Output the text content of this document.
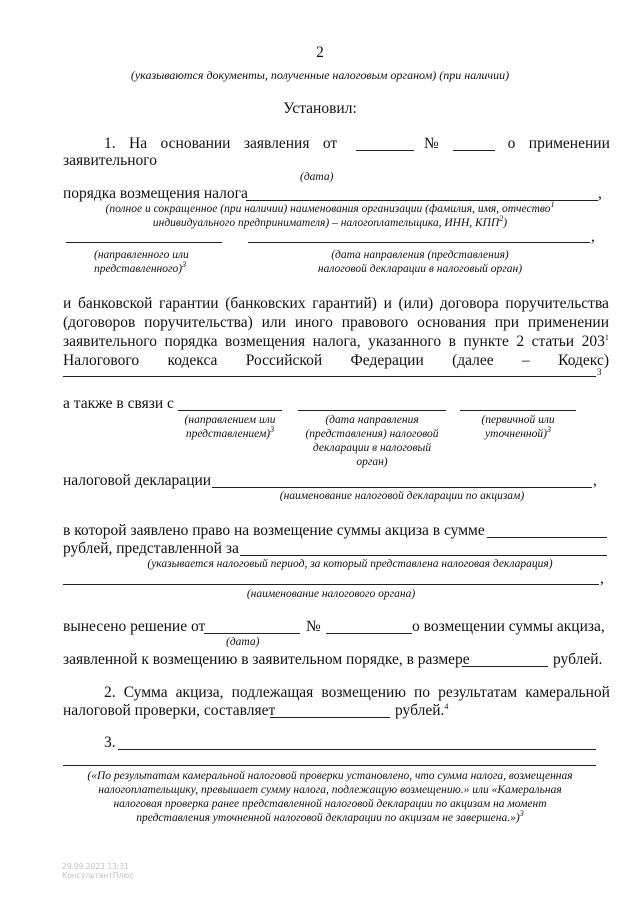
2
(указываются документы, полученные налоговым органом) (при наличии)
Установил:
1. На основании заявления от	№	о применении
заявительного
(дата)
порядка возмещения налога	,
(полное и сокращенное (при наличии) наименования организации (фамилия, имя, отчество$^1$
индивидуального предпринимателя) – налогоплательщика, ИНН, КПП$^2$)
,
(направленного или
представленного)$^3$
(дата направления (представления)
налоговой декларации в налоговый орган)
и банковской гарантии (банковских гарантий) и (или) договора поручительства
(договоров поручительства) или иного правового основания при применении
заявительного порядка возмещения налога, указанного в пункте 2 статьи $203^1$
Налогового кодекса Российской Федерации (далее – Кодекс)
3
а также в связи с
(направлением или
представлением)$^3$
(дата направления
(представления) налоговой
декларации в налоговый
орган)
(первичной или
уточненной)$^3$
налоговой декларации	,
(наименование налоговой декларации по акцизам)
в которой заявлено право на возмещение суммы акциза в сумме
рублей, представленной за
(указывается налоговый период, за который представлена налоговая декларация)
,
(наименование налогового органа)
вынесено решение от	№	о возмещении суммы акциза,
(дата)
заявленной к возмещению в заявительном порядке, в размере	рублей.
2. Сумма акциза, подлежащая возмещению по результатам камеральной
налоговой проверки, составляет	рублей.$^4$
3.
(«По результатам камеральной налоговой проверки установлено, что сумма налога, возмещенная
налогоплательщику, превышает сумму налога, подлежащую возмещению.» или «Камеральная
налоговая проверка ранее представленной налоговой декларации по акцизам на момент
представления уточненной налоговой декларации по акцизам не завершена.»)$^3$
29.09.2023 13:31
КонсультантПлюс
